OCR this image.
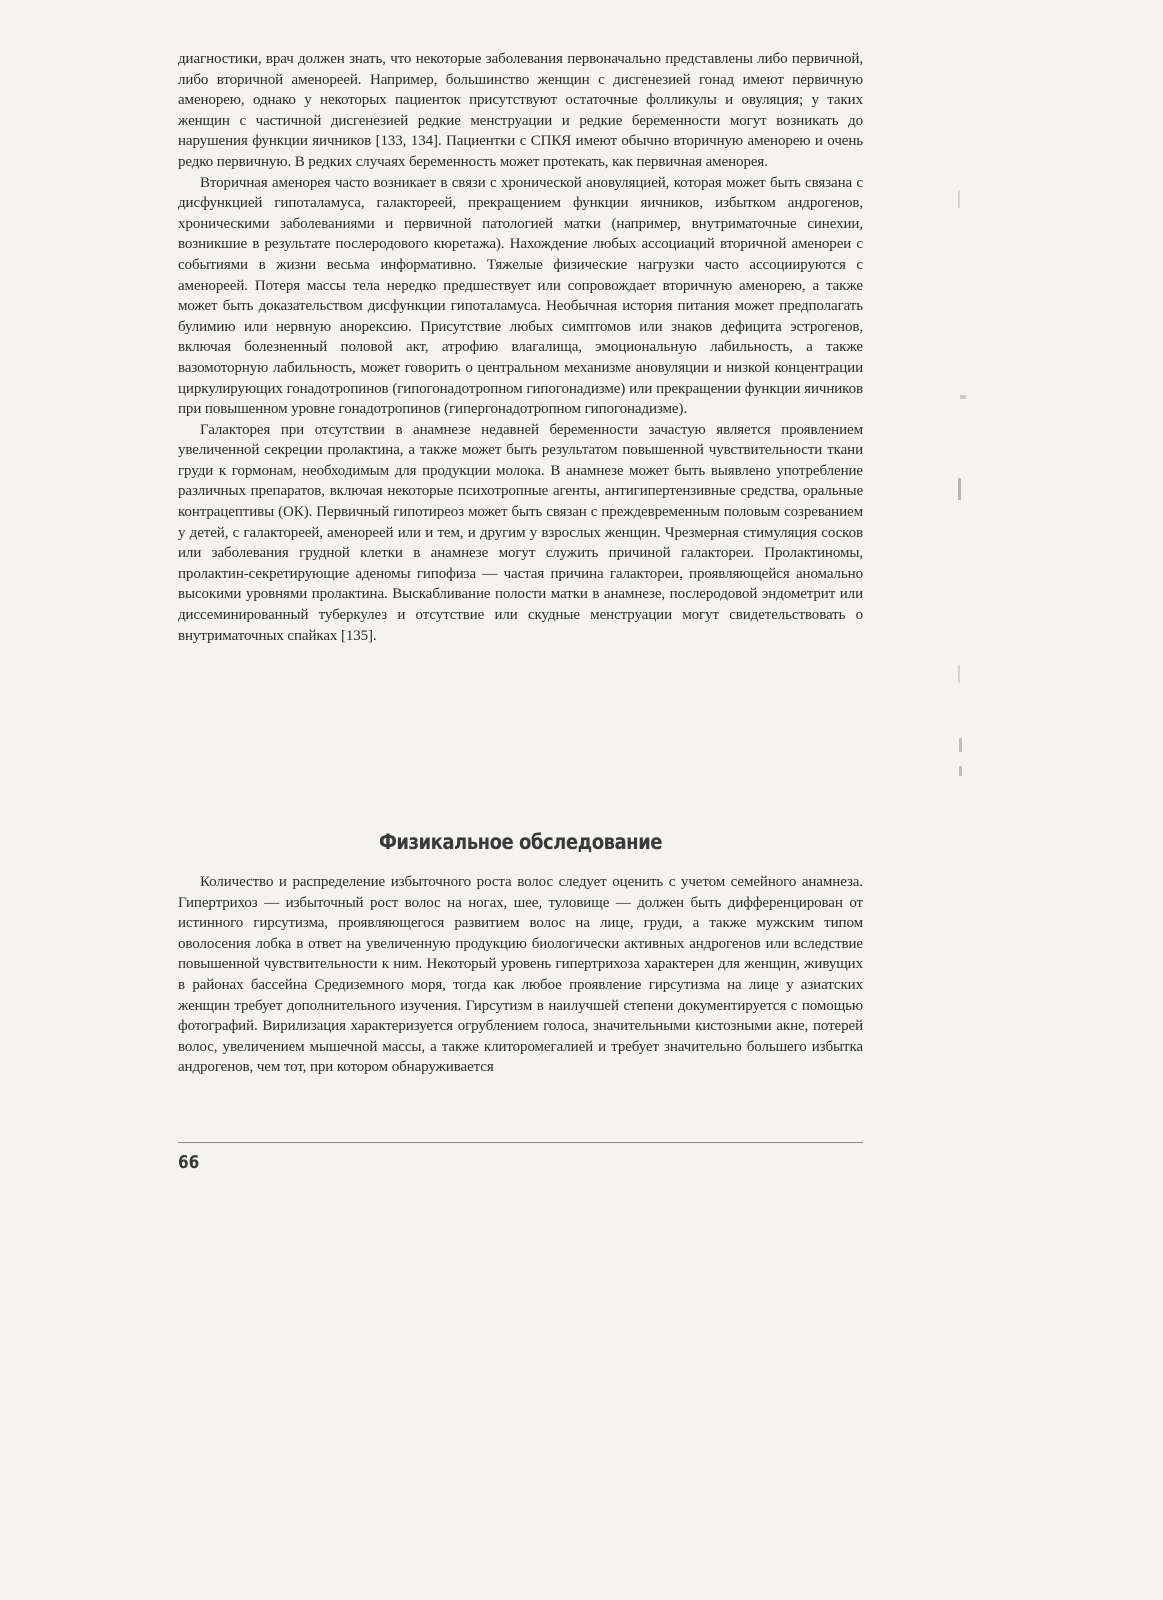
диагностики, врач должен знать, что некоторые заболевания первоначально представлены либо первичной, либо вторичной аменореей. Например, большинство женщин с дисгенезией гонад имеют первичную аменорею, однако у некоторых пациенток присутствуют остаточные фолликулы и овуляция; у таких женщин с частичной дисгенезией редкие менструации и редкие беременности могут возникать до нарушения функции яичников [133, 134]. Пациентки с СПКЯ имеют обычно вторичную аменорею и очень редко первичную. В редких случаях беременность может протекать, как первичная аменорея.

Вторичная аменорея часто возникает в связи с хронической ановуляцией, которая может быть связана с дисфункцией гипоталамуса, галактореей, прекращением функции яичников, избытком андрогенов, хроническими заболеваниями и первичной патологией матки (например, внутриматочные синехии, возникшие в результате послеродового кюретажа). Нахождение любых ассоциаций вторичной аменореи с событиями в жизни весьма информативно. Тяжелые физические нагрузки часто ассоциируются с аменореей. Потеря массы тела нередко предшествует или сопровождает вторичную аменорею, а также может быть доказательством дисфункции гипоталамуса. Необычная история питания может предполагать булимию или нервную анорексию. Присутствие любых симптомов или знаков дефицита эстрогенов, включая болезненный половой акт, атрофию влагалища, эмоциональную лабильность, а также вазомоторную лабильность, может говорить о центральном механизме ановуляции и низкой концентрации циркулирующих гонадотропинов (гипогонадотропном гипогонадизме) или прекращении функции яичников при повышенном уровне гонадотропинов (гипергонадотропном гипогонадизме).

Галакторея при отсутствии в анамнезе недавней беременности зачастую является проявлением увеличенной секреции пролактина, а также может быть результатом повышенной чувствительности ткани груди к гормонам, необходимым для продукции молока. В анамнезе может быть выявлено употребление различных препаратов, включая некоторые психотропные агенты, антигипертензивные средства, оральные контрацептивы (ОК). Первичный гипотиреоз может быть связан с преждевременным половым созреванием у детей, с галактореей, аменореей или и тем, и другим у взрослых женщин. Чрезмерная стимуляция сосков или заболевания грудной клетки в анамнезе могут служить причиной галактореи. Пролактиномы, пролактин-секретирующие аденомы гипофиза — частая причина галактореи, проявляющейся аномально высокими уровнями пролактина. Выскабливание полости матки в анамнезе, послеродовой эндометрит или диссеминированный туберкулез и отсутствие или скудные менструации могут свидетельствовать о внутриматочных спайках [135].

Физикальное обследование

Количество и распределение избыточного роста волос следует оценить с учетом семейного анамнеза. Гипертрихоз — избыточный рост волос на ногах, шее, туловище — должен быть дифференцирован от истинного гирсутизма, проявляющегося развитием волос на лице, груди, а также мужским типом оволосения лобка в ответ на увеличенную продукцию биологически активных андрогенов или вследствие повышенной чувствительности к ним. Некоторый уровень гипертрихоза характерен для женщин, живущих в районах бассейна Средиземного моря, тогда как любое проявление гирсутизма на лице у азиатских женщин требует дополнительного изучения. Гирсутизм в наилучшей степени документируется с помощью фотографий. Вирилизация характеризуется огрублением голоса, значительными кистозными акне, потерей волос, увеличением мышечной массы, а также клиторомегалией и требует значительно большего избытка андрогенов, чем тот, при котором обнаруживается

66
